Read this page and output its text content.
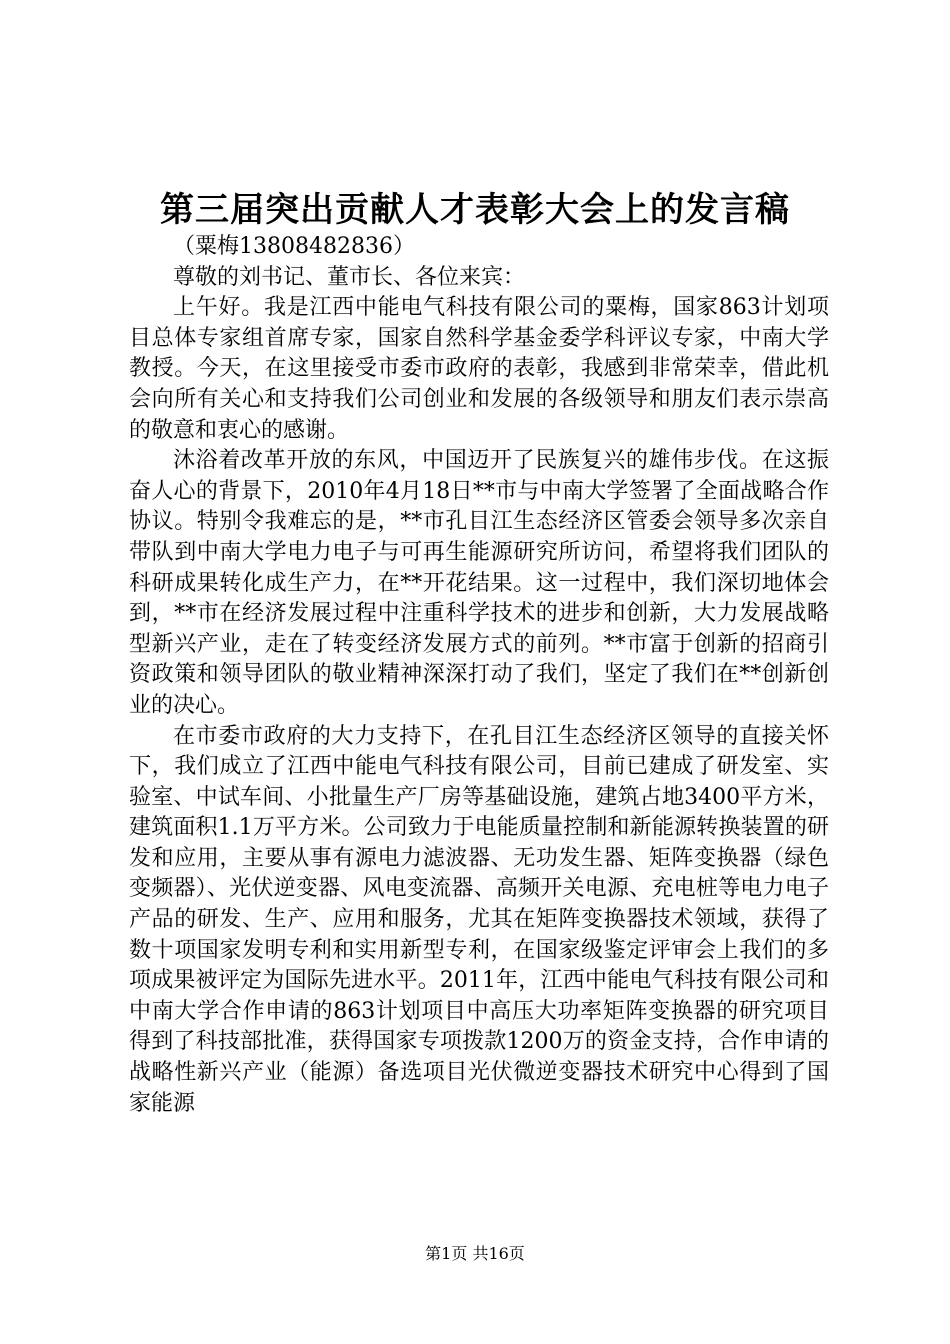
第三届突出贡献人才表彰大会上的发言稿

（粟梅13808482836）

尊敬的刘书记、董市长、各位来宾：

上午好。我是江西中能电气科技有限公司的粟梅，国家863计划项目总体专家组首席专家，国家自然科学基金委学科评议专家，中南大学教授。今天，在这里接受市委市政府的表彰，我感到非常荣幸，借此机会向所有关心和支持我们公司创业和发展的各级领导和朋友们表示崇高的敬意和衷心的感谢。

沐浴着改革开放的东风，中国迈开了民族复兴的雄伟步伐。在这振奋人心的背景下，2010年4月18日**市与中南大学签署了全面战略合作协议。特别令我难忘的是，**市孔目江生态经济区管委会领导多次亲自带队到中南大学电力电子与可再生能源研究所访问，希望将我们团队的科研成果转化成生产力，在**开花结果。这一过程中，我们深切地体会到，**市在经济发展过程中注重科学技术的进步和创新，大力发展战略型新兴产业，走在了转变经济发展方式的前列。**市富于创新的招商引资政策和领导团队的敬业精神深深打动了我们，坚定了我们在**创新创业的决心。

在市委市政府的大力支持下，在孔目江生态经济区领导的直接关怀下，我们成立了江西中能电气科技有限公司，目前已建成了研发室、实验室、中试车间、小批量生产厂房等基础设施，建筑占地3400平方米，建筑面积1.1万平方米。公司致力于电能质量控制和新能源转换装置的研发和应用，主要从事有源电力滤波器、无功发生器、矩阵变换器（绿色变频器）、光伏逆变器、风电变流器、高频开关电源、充电桩等电力电子产品的研发、生产、应用和服务，尤其在矩阵变换器技术领域，获得了数十项国家发明专利和实用新型专利，在国家级鉴定评审会上我们的多项成果被评定为国际先进水平。2011年，江西中能电气科技有限公司和中南大学合作申请的863计划项目中高压大功率矩阵变换器的研究项目得到了科技部批准，获得国家专项拨款1200万的资金支持，合作申请的战略性新兴产业（能源）备选项目光伏微逆变器技术研究中心得到了国家能源

第1页 共16页
